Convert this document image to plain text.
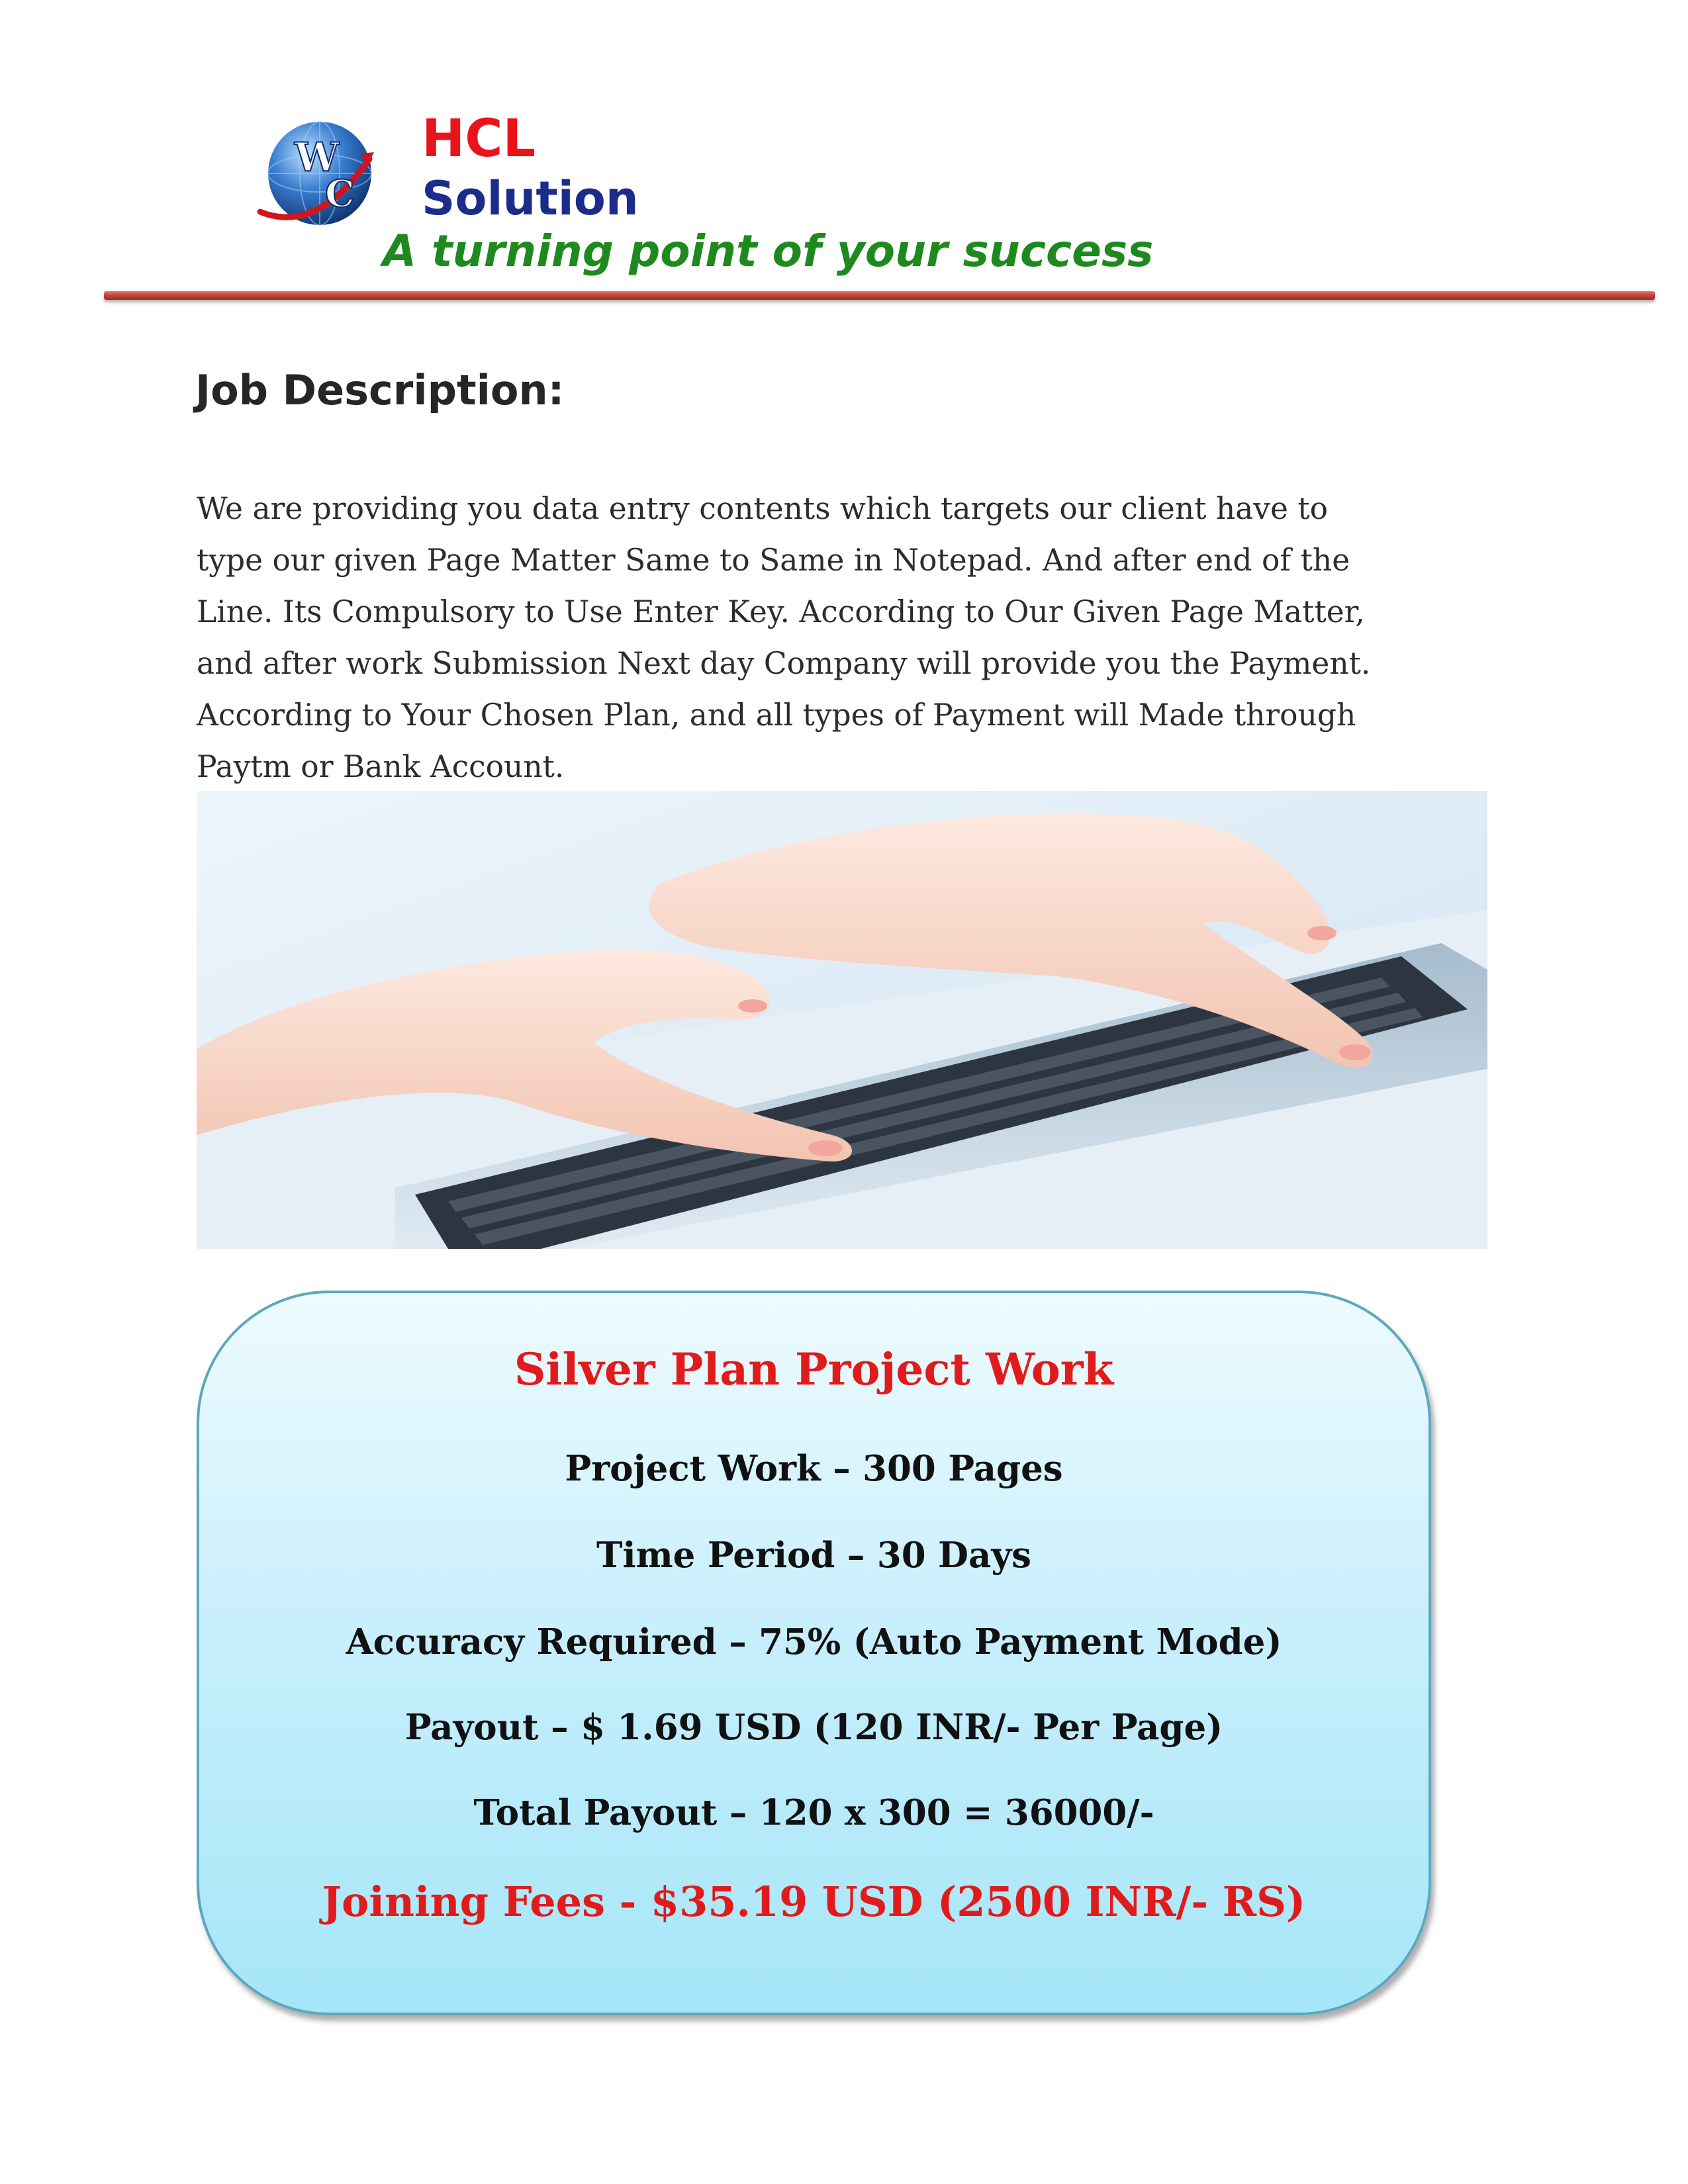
W
C
HCL
Solution
A turning point of your success
Job Description:

We are providing you data entry contents which targets our client have to
type our given Page Matter Same to Same in Notepad. And after end of the
Line. Its Compulsory to Use Enter Key. According to Our Given Page Matter,
and after work Submission Next day Company will provide you the Payment.
According to Your Chosen Plan, and all types of Payment will Made through
Paytm or Bank Account.

Silver Plan Project Work
Project Work – 300 Pages
Time Period – 30 Days
Accuracy Required – 75% (Auto Payment Mode)
Payout – $ 1.69 USD (120 INR/- Per Page)
Total Payout – 120 x 300 = 36000/-
Joining Fees - $35.19 USD (2500 INR/- RS)
